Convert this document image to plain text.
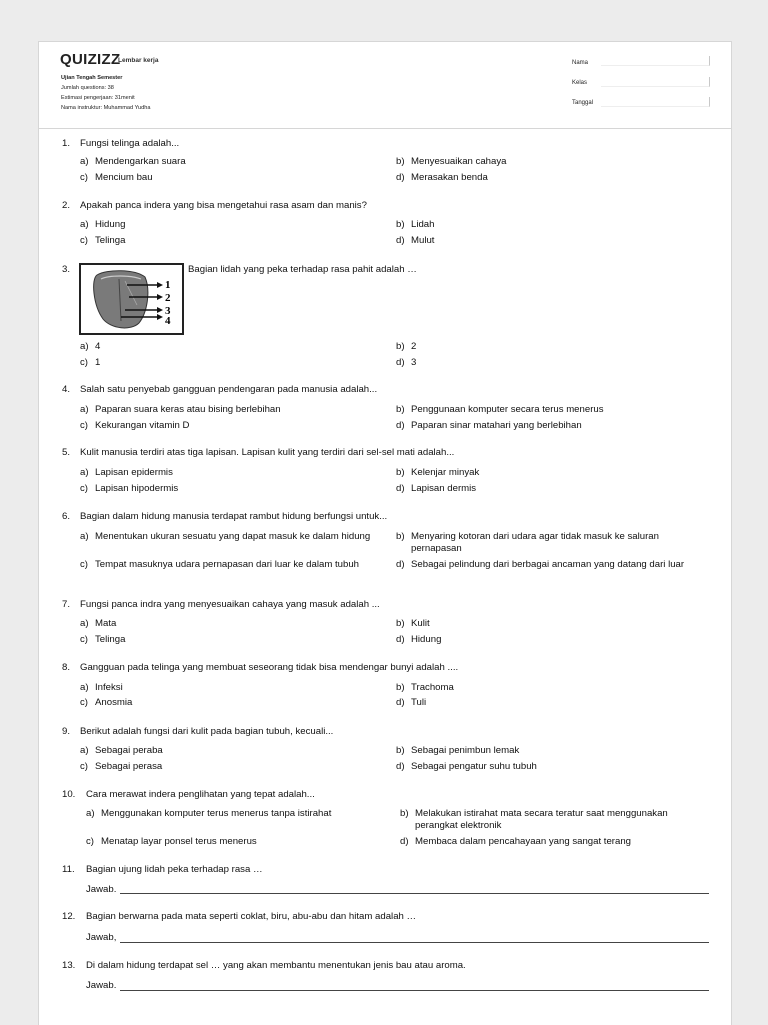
QUIZIZZ
Lembar kerja
Ujian Tengah Semester
Jumlah questions: 38
Estimasi pengerjaan: 31menit
Nama instruktur: Muhammad Yudha
Nama
Kelas
Tanggal
1. Fungsi telinga adalah...
a) Mendengarkan suara	b) Menyesuaikan cahaya
c) Mencium bau	d) Merasakan benda
2. Apakah panca indera yang bisa mengetahui rasa asam dan manis?
a) Hidung	b) Lidah
c) Telinga	d) Mulut
3.
1
2
3
4
Bagian lidah yang peka terhadap rasa pahit adalah …
a) 4	b) 2
c) 1	d) 3
4. Salah satu penyebab gangguan pendengaran pada manusia adalah...
a) Paparan suara keras atau bising berlebihan	b) Penggunaan komputer secara terus menerus
c) Kekurangan vitamin D	d) Paparan sinar matahari yang berlebihan
5. Kulit manusia terdiri atas tiga lapisan. Lapisan kulit yang terdiri dari sel-sel mati adalah...
a) Lapisan epidermis	b) Kelenjar minyak
c) Lapisan hipodermis	d) Lapisan dermis
6. Bagian dalam hidung manusia terdapat rambut hidung berfungsi untuk...
a) Menentukan ukuran sesuatu yang dapat masuk ke dalam hidung	b) Menyaring kotoran dari udara agar tidak masuk ke saluran pernapasan
c) Tempat masuknya udara pernapasan dari luar ke dalam tubuh	d) Sebagai pelindung dari berbagai ancaman yang datang dari luar
7. Fungsi panca indra yang menyesuaikan cahaya yang masuk adalah ...
a) Mata	b) Kulit
c) Telinga	d) Hidung
8. Gangguan pada telinga yang membuat seseorang tidak bisa mendengar bunyi adalah ....
a) Infeksi	b) Trachoma
c) Anosmia	d) Tuli
9. Berikut adalah fungsi dari kulit pada bagian tubuh, kecuali...
a) Sebagai peraba	b) Sebagai penimbun lemak
c) Sebagai perasa	d) Sebagai pengatur suhu tubuh
10. Cara merawat indera penglihatan yang tepat adalah...
a) Menggunakan komputer terus menerus tanpa istirahat	b) Melakukan istirahat mata secara teratur saat menggunakan perangkat elektronik
c) Menatap layar ponsel terus menerus	d) Membaca dalam pencahayaan yang sangat terang
11. Bagian ujung lidah peka terhadap rasa …
Jawab.
12. Bagian berwarna pada mata seperti coklat, biru, abu-abu dan hitam adalah …
Jawab,
13. Di dalam hidung terdapat sel … yang akan membantu menentukan jenis bau atau aroma.
Jawab.
